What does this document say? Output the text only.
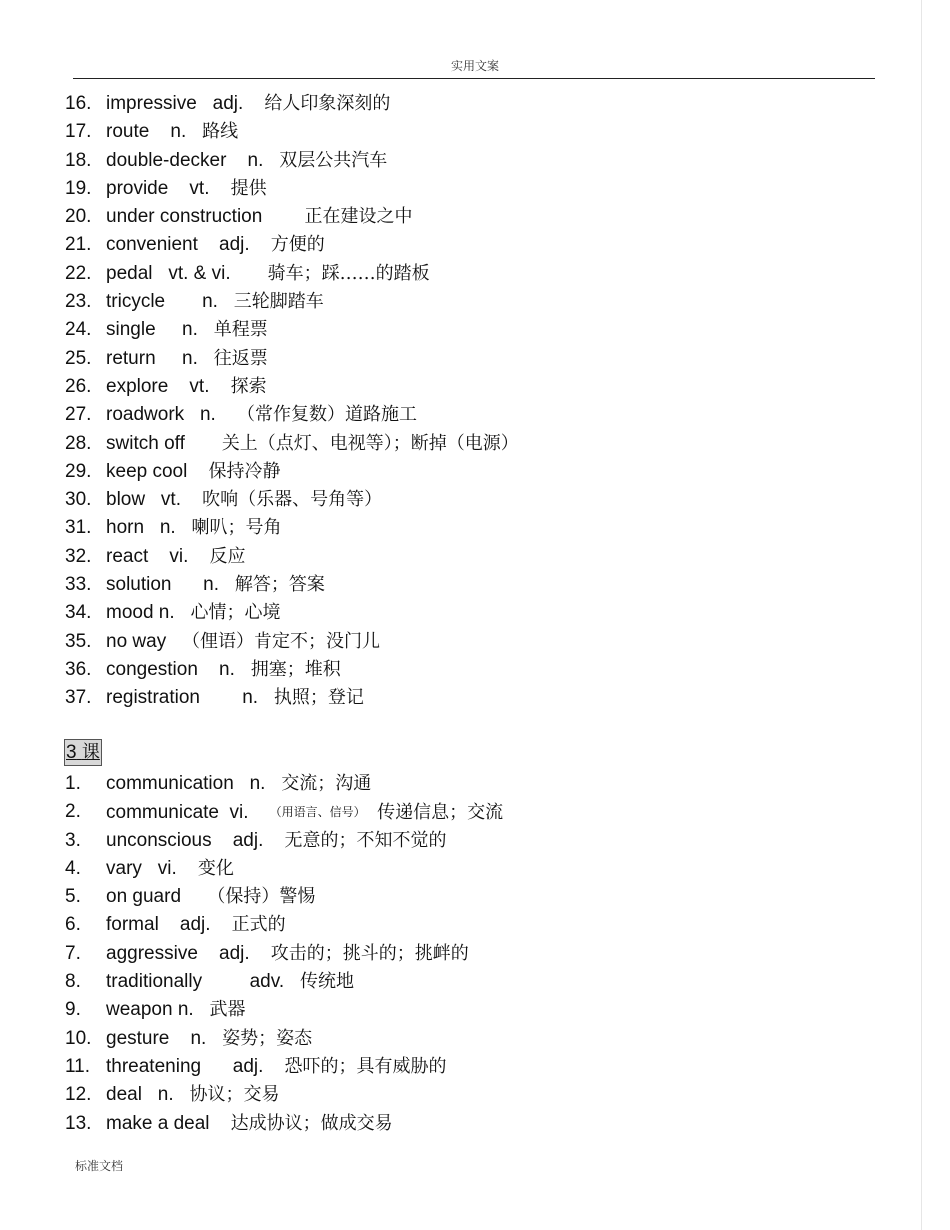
实用文案
16. impressive   adj.    给人印象深刻的
17. route    n.   路线
18. double-decker    n.   双层公共汽车
19. provide    vt.    提供
20. under construction        正在建设之中
21. convenient    adj.    方便的
22. pedal   vt. & vi.       骑车；踩……的踏板
23. tricycle       n.   三轮脚踏车
24. single     n.   单程票
25. return     n.   往返票
26. explore    vt.    探索
27. roadwork   n.    （常作复数）道路施工
28. switch off       关上（点灯、电视等）；断掉（电源）
29. keep cool    保持冷静
30. blow   vt.    吹响（乐器、号角等）
31. horn   n.   喇叭；号角
32. react    vi.    反应
33. solution      n.   解答；答案
34. mood n.   心情；心境
35. no way   （俚语）肯定不；没门儿
36. congestion    n.   拥塞；堆积
37. registration        n.   执照；登记
3 课
1. communication   n.   交流；沟通
2. communicate  vi.    （用语言、信号）  传递信息；交流
3. unconscious    adj.    无意的；不知不觉的
4. vary   vi.    变化
5. on guard     （保持）警惕
6. formal    adj.    正式的
7. aggressive    adj.    攻击的；挑斗的；挑衅的
8. traditionally         adv.   传统地
9. weapon n.   武器
10. gesture    n.   姿势；姿态
11. threatening      adj.    恐吓的；具有威胁的
12. deal   n.   协议；交易
13. make a deal    达成协议；做成交易
标准文档
